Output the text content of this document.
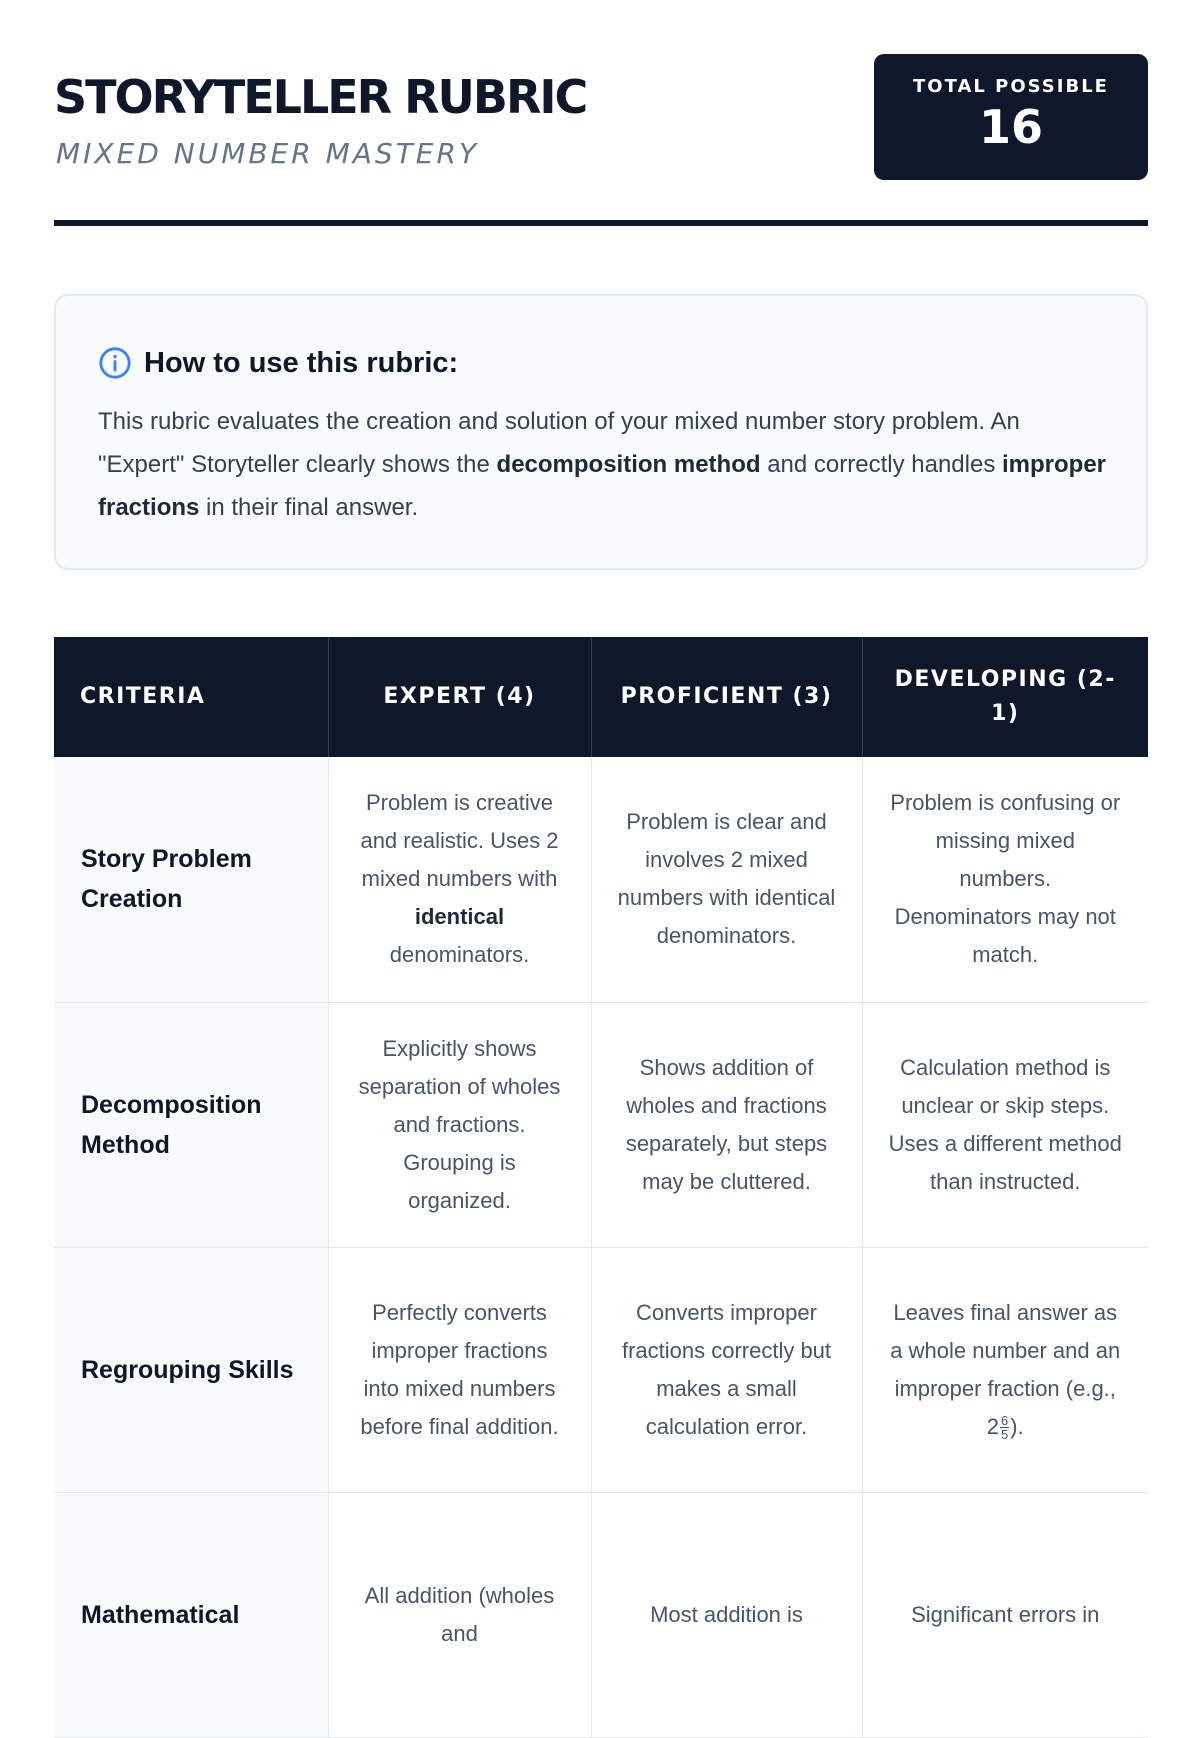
STORYTELLER RUBRIC
MIXED NUMBER MASTERY
TOTAL POSSIBLE
16
How to use this rubric:
This rubric evaluates the creation and solution of your mixed number story problem. An "Expert" Storyteller clearly shows the decomposition method and correctly handles improper fractions in their final answer.
CRITERIA	EXPERT (4)	PROFICIENT (3)	DEVELOPING (2-1)
Story Problem Creation	Problem is creative and realistic. Uses 2 mixed numbers with identical denominators.	Problem is clear and involves 2 mixed numbers with identical denominators.	Problem is confusing or missing mixed numbers. Denominators may not match.
Decomposition Method	Explicitly shows separation of wholes and fractions. Grouping is organized.	Shows addition of wholes and fractions separately, but steps may be cluttered.	Calculation method is unclear or skip steps. Uses a different method than instructed.
Regrouping Skills	Perfectly converts improper fractions into mixed numbers before final addition.	Converts improper fractions correctly but makes a small calculation error.	Leaves final answer as a whole number and an improper fraction (e.g., $2 \frac{6}{5}$ ).
Mathematical	All addition (wholes and	Most addition is	Significant errors in
